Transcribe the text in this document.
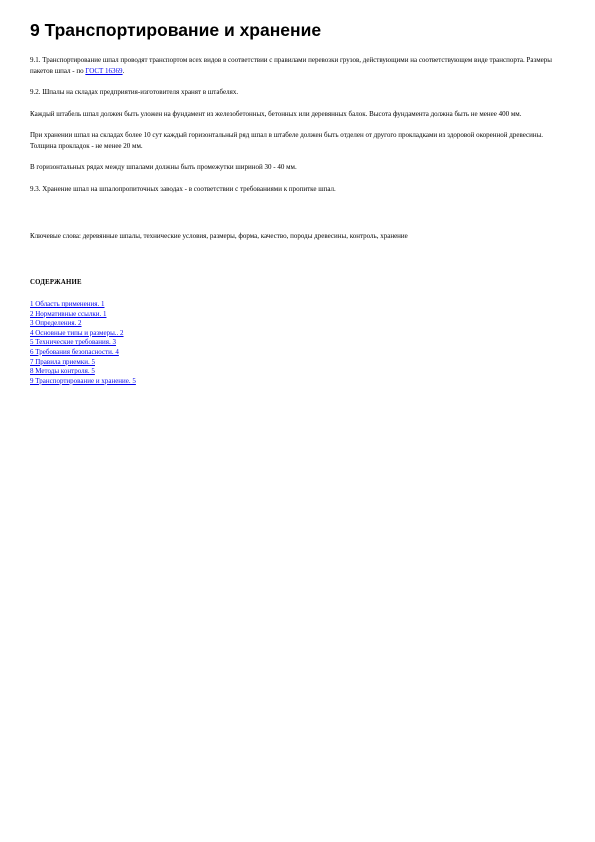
9 Транспортирование и хранение

9.1. Транспортирование шпал проводят транспортом всех видов в соответствии с правилами перевозки грузов, действующими на соответствующем виде транспорта. Размеры пакетов шпал - по ГОСТ 16369.

9.2. Шпалы на складах предприятия-изготовителя хранят в штабелях.

Каждый штабель шпал должен быть уложен на фундамент из железобетонных, бетонных или деревянных балок. Высота фундамента должна быть не менее 400 мм.

При хранении шпал на складах более 10 сут каждый горизонтальный ряд шпал в штабеле должен быть отделен от другого прокладками из здоровой окоренной древесины. Толщина прокладок - не менее 20 мм.

В горизонтальных рядах между шпалами должны быть промежутки шириной 30 - 40 мм.

9.3. Хранение шпал на шпалопропиточных заводах - в соответствии с требованиями к пропитке шпал.

Ключевые слова: деревянные шпалы, технические условия, размеры, форма, качество, породы древесины, контроль, хранение

СОДЕРЖАНИЕ

1 Область применения. 1
2 Нормативные ссылки. 1
3 Определения. 2
4 Основные типы и размеры.. 2
5 Технические требования. 3
6 Требования безопасности. 4
7 Правила приемки. 5
8 Методы контроля. 5
9 Транспортирование и хранение. 5
